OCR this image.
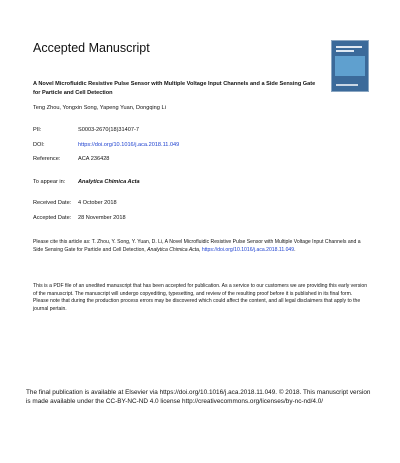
Accepted Manuscript
A Novel Microfluidic Resistive Pulse Sensor with Multiple Voltage Input Channels and a Side Sensing Gate for Particle and Cell Detection
Teng Zhou, Yongxin Song, Yapeng Yuan, Dongqing Li
PII:	S0003-2670(18)31407-7
DOI:	https://doi.org/10.1016/j.aca.2018.11.049
Reference:	ACA 236428
To appear in: Analytica Chimica Acta
Received Date: 4 October 2018
Accepted Date: 28 November 2018

Please cite this article as: T. Zhou, Y. Song, Y. Yuan, D. Li, A Novel Microfluidic Resistive Pulse Sensor with Multiple Voltage Input Channels and a Side Sensing Gate for Particle and Cell Detection, Analytica Chimica Acta, https://doi.org/10.1016/j.aca.2018.11.049.

This is a PDF file of an unedited manuscript that has been accepted for publication. As a service to our customers we are providing this early version of the manuscript. The manuscript will undergo copyediting, typesetting, and review of the resulting proof before it is published in its final form. Please note that during the production process errors may be discovered which could affect the content, and all legal disclaimers that apply to the journal pertain.

The final publication is available at Elsevier via https://doi.org/10.1016/j.aca.2018.11.049. © 2018. This manuscript version is made available under the CC-BY-NC-ND 4.0 license http://creativecommons.org/licenses/by-nc-nd/4.0/
